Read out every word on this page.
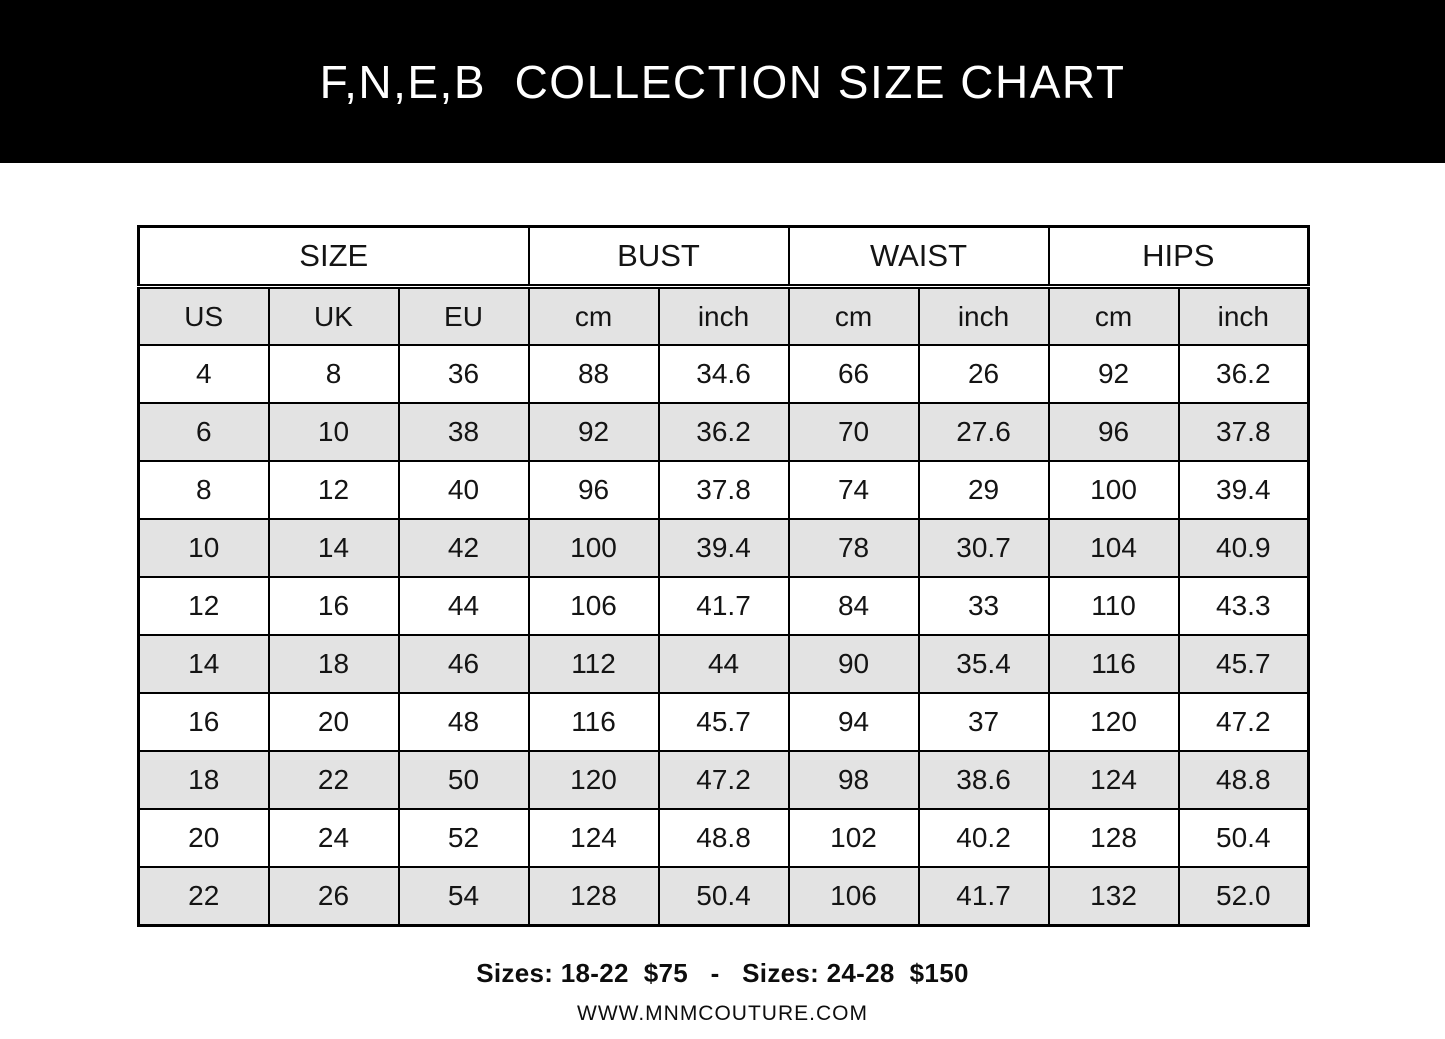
F,N,E,B  COLLECTION SIZE CHART
SIZE			BUST		WAIST		HIPS	
US	UK	EU	cm	inch	cm	inch	cm	inch
4	8	36	88	34.6	66	26	92	36.2
6	10	38	92	36.2	70	27.6	96	37.8
8	12	40	96	37.8	74	29	100	39.4
10	14	42	100	39.4	78	30.7	104	40.9
12	16	44	106	41.7	84	33	110	43.3
14	18	46	112	44	90	35.4	116	45.7
16	20	48	116	45.7	94	37	120	47.2
18	22	50	120	47.2	98	38.6	124	48.8
20	24	52	124	48.8	102	40.2	128	50.4
22	26	54	128	50.4	106	41.7	132	52.0
Sizes: 18-22  $75   -   Sizes: 24-28  $150
WWW.MNMCOUTURE.COM
